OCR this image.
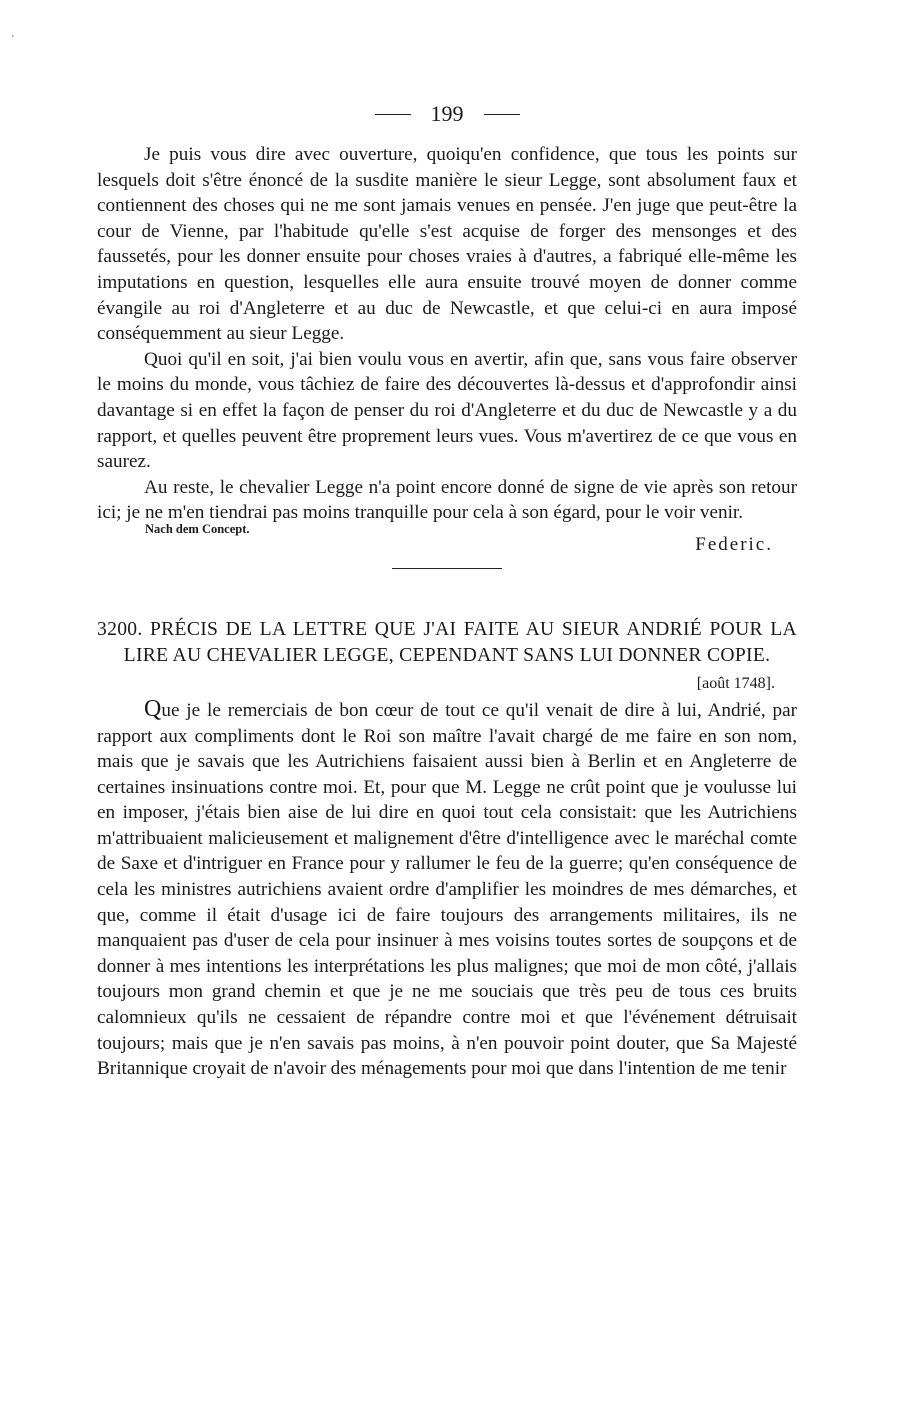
'
199

Je puis vous dire avec ouverture, quoiqu'en confidence, que tous les points sur lesquels doit s'être énoncé de la susdite manière le sieur Legge, sont absolument faux et contiennent des choses qui ne me sont jamais venues en pensée. J'en juge que peut-être la cour de Vienne, par l'habitude qu'elle s'est acquise de forger des mensonges et des faussetés, pour les donner ensuite pour choses vraies à d'autres, a fabriqué elle-même les imputations en question, lesquelles elle aura ensuite trouvé moyen de donner comme évangile au roi d'Angleterre et au duc de Newcastle, et que celui-ci en aura imposé conséquemment au sieur Legge.

Quoi qu'il en soit, j'ai bien voulu vous en avertir, afin que, sans vous faire observer le moins du monde, vous tâchiez de faire des découvertes là-dessus et d'approfondir ainsi davantage si en effet la façon de penser du roi d'Angleterre et du duc de Newcastle y a du rapport, et quelles peuvent être proprement leurs vues. Vous m'avertirez de ce que vous en saurez.

Au reste, le chevalier Legge n'a point encore donné de signe de vie après son retour ici; je ne m'en tiendrai pas moins tranquille pour cela à son égard, pour le voir venir.

Nach dem Concept.
Federic.
3200. PRÉCIS DE LA LETTRE QUE J'AI FAITE AU SIEUR ANDRIÉ POUR LA LIRE AU CHEVALIER LEGGE, CEPENDANT SANS LUI DONNER COPIE.
[août 1748].

Que je le remerciais de bon cœur de tout ce qu'il venait de dire à lui, Andrié, par rapport aux compliments dont le Roi son maître l'avait chargé de me faire en son nom, mais que je savais que les Autrichiens faisaient aussi bien à Berlin et en Angleterre de certaines insinuations contre moi. Et, pour que M. Legge ne crût point que je voulusse lui en imposer, j'étais bien aise de lui dire en quoi tout cela consistait: que les Autrichiens m'attribuaient malicieusement et malignement d'être d'intelligence avec le maréchal comte de Saxe et d'intriguer en France pour y rallumer le feu de la guerre; qu'en conséquence de cela les ministres autrichiens avaient ordre d'amplifier les moindres de mes démarches, et que, comme il était d'usage ici de faire toujours des arrangements militaires, ils ne manquaient pas d'user de cela pour insinuer à mes voisins toutes sortes de soupçons et de donner à mes intentions les interprétations les plus malignes; que moi de mon côté, j'allais toujours mon grand chemin et que je ne me souciais que très peu de tous ces bruits calomnieux qu'ils ne cessaient de répandre contre moi et que l'événement détruisait toujours; mais que je n'en savais pas moins, à n'en pouvoir point douter, que Sa Majesté Britannique croyait de n'avoir des ménagements pour moi que dans l'intention de me tenir
